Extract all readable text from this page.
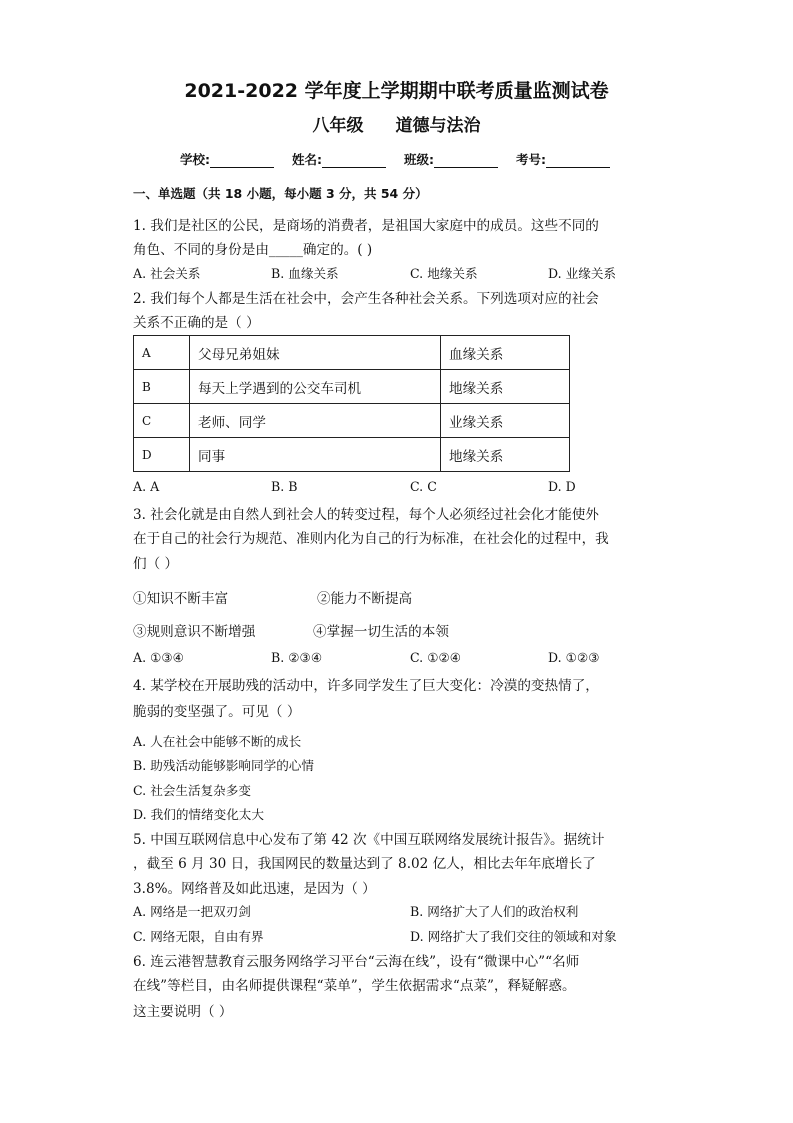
2021-2022 学年度上学期期中联考质量监测试卷
八年级 道德与法治
学校:	姓名:	班级:	考号:
一、单选题（共 18 小题，每小题 3 分，共 54 分）
1. 我们是社区的公民，是商场的消费者，是祖国大家庭中的成员。这些不同的
角色、不同的身份是由_____确定的。( )
A. 社会关系	B. 血缘关系	C. 地缘关系	D. 业缘关系
2. 我们每个人都是生活在社会中，会产生各种社会关系。下列选项对应的社会
关系不正确的是（ ）
A	父母兄弟姐妹	血缘关系
B	每天上学遇到的公交车司机	地缘关系
C	老师、同学	业缘关系
D	同事	地缘关系
A. A	B. B	C. C	D. D
3. 社会化就是由自然人到社会人的转变过程，每个人必须经过社会化才能使外
在于自己的社会行为规范、准则内化为自己的行为标准，在社会化的过程中，我
们（ ）
①知识不断丰富	②能力不断提高
③规则意识不断增强	④掌握一切生活的本领
A. ①③④	B. ②③④	C. ①②④	D. ①②③
4. 某学校在开展助残的活动中，许多同学发生了巨大变化：冷漠的变热情了，
脆弱的变坚强了。可见（ ）
A. 人在社会中能够不断的成长
B. 助残活动能够影响同学的心情
C. 社会生活复杂多变
D. 我们的情绪变化太大
5. 中国互联网信息中心发布了第 42 次《中国互联网络发展统计报告》。据统计
，截至 6 月 30 日，我国网民的数量达到了 8.02 亿人，相比去年年底增长了
3.8%。网络普及如此迅速，是因为（ ）
A. 网络是一把双刃剑	B. 网络扩大了人们的政治权利
C. 网络无限，自由有界	D. 网络扩大了我们交往的领域和对象
6. 连云港智慧教育云服务网络学习平台“云海在线”，设有“微课中心”“名师
在线”等栏目，由名师提供课程“菜单”，学生依据需求“点菜”，释疑解惑。
这主要说明（ ）
